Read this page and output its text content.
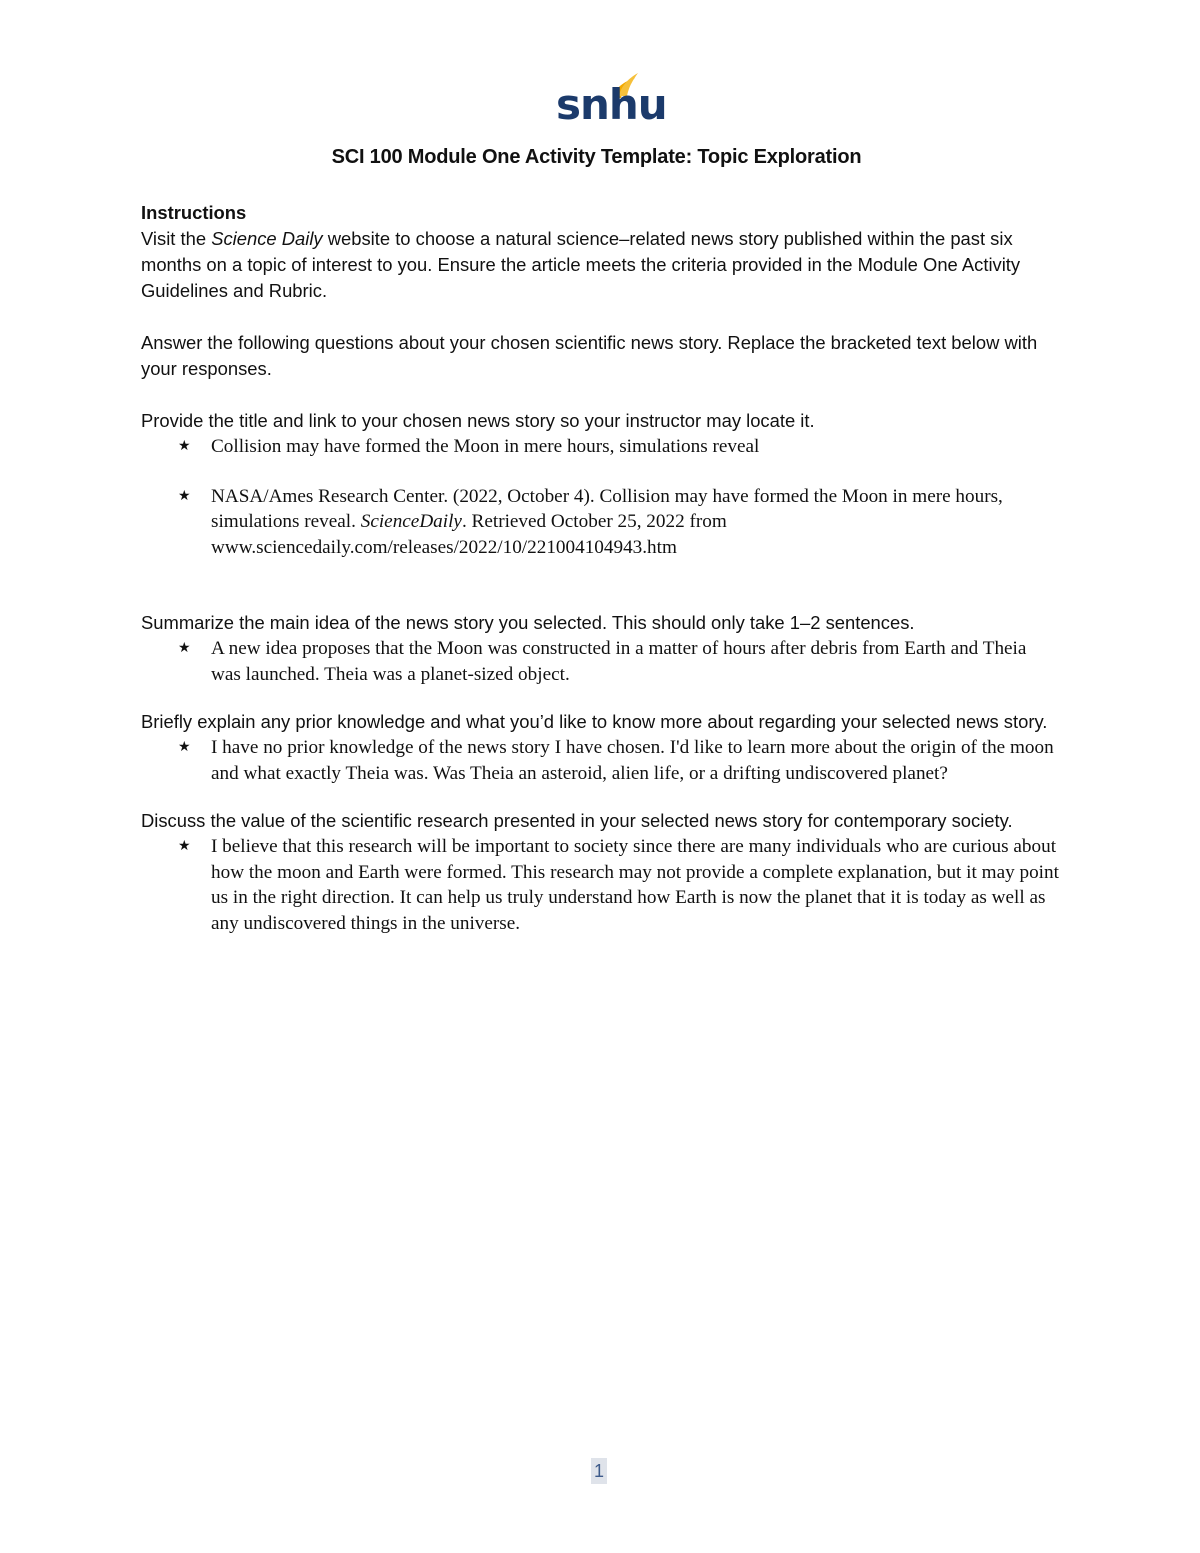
snhu
SCI 100 Module One Activity Template: Topic Exploration

Instructions

Visit the Science Daily website to choose a natural science–related news story published within the past six months on a topic of interest to you. Ensure the article meets the criteria provided in the Module One Activity Guidelines and Rubric.

Answer the following questions about your chosen scientific news story. Replace the bracketed text below with your responses.

Provide the title and link to your chosen news story so your instructor may locate it.

★ Collision may have formed the Moon in mere hours, simulations reveal
★ NASA/Ames Research Center. (2022, October 4). Collision may have formed the Moon in mere hours, simulations reveal. ScienceDaily. Retrieved October 25, 2022 from www.sciencedaily.com/releases/2022/10/221004104943.htm

Summarize the main idea of the news story you selected. This should only take 1–2 sentences.

★ A new idea proposes that the Moon was constructed in a matter of hours after debris from Earth and Theia was launched. Theia was a planet-sized object.

Briefly explain any prior knowledge and what you’d like to know more about regarding your selected news story.

★ I have no prior knowledge of the news story I have chosen. I'd like to learn more about the origin of the moon and what exactly Theia was. Was Theia an asteroid, alien life, or a drifting undiscovered planet?

Discuss the value of the scientific research presented in your selected news story for contemporary society.

★ I believe that this research will be important to society since there are many individuals who are curious about how the moon and Earth were formed. This research may not provide a complete explanation, but it may point us in the right direction. It can help us truly understand how Earth is now the planet that it is today as well as any undiscovered things in the universe.
1
